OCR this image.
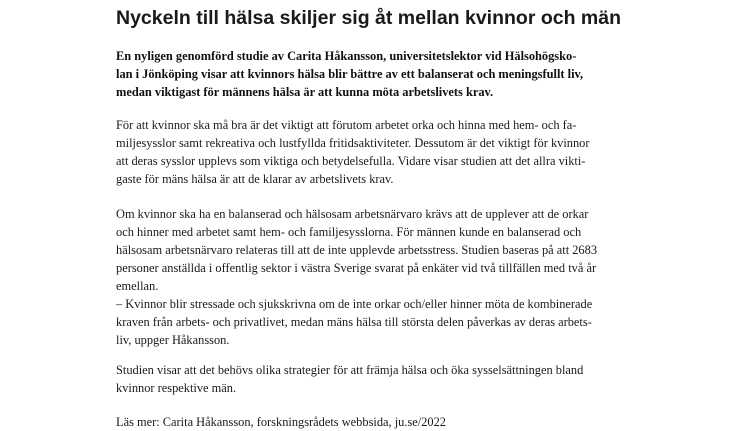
Nyckeln till hälsa skiljer sig åt mellan kvinnor och män

En nyligen genomförd studie av Carita Håkansson, universitetslektor vid Hälsohögsko-
lan i Jönköping visar att kvinnors hälsa blir bättre av ett balanserat och meningsfullt liv,
medan viktigast för männens hälsa är att kunna möta arbetslivets krav.

För att kvinnor ska må bra är det viktigt att förutom arbetet orka och hinna med hem- och fa-
miljesysslor samt rekreativa och lustfyllda fritidsaktiviteter. Dessutom är det viktigt för kvinnor
att deras sysslor upplevs som viktiga och betydelsefulla. Vidare visar studien att det allra vikti-
gaste för mäns hälsa är att de klarar av arbetslivets krav.

Om kvinnor ska ha en balanserad och hälsosam arbetsnärvaro krävs att de upplever att de orkar
och hinner med arbetet samt hem- och familjesysslorna. För männen kunde en balanserad och
hälsosam arbetsnärvaro relateras till att de inte upplevde arbetsstress. Studien baseras på att 2683
personer anställda i offentlig sektor i västra Sverige svarat på enkäter vid två tillfällen med två år
emellan.
– Kvinnor blir stressade och sjukskrivna om de inte orkar och/eller hinner möta de kombinerade
kraven från arbets- och privatlivet, medan mäns hälsa till största delen påverkas av deras arbets-
liv, uppger Håkansson.

Studien visar att det behövs olika strategier för att främja hälsa och öka sysselsättningen bland
kvinnor respektive män.

Läs mer: Carita Håkansson, forskningsrådets webbsida, ju.se/2022
